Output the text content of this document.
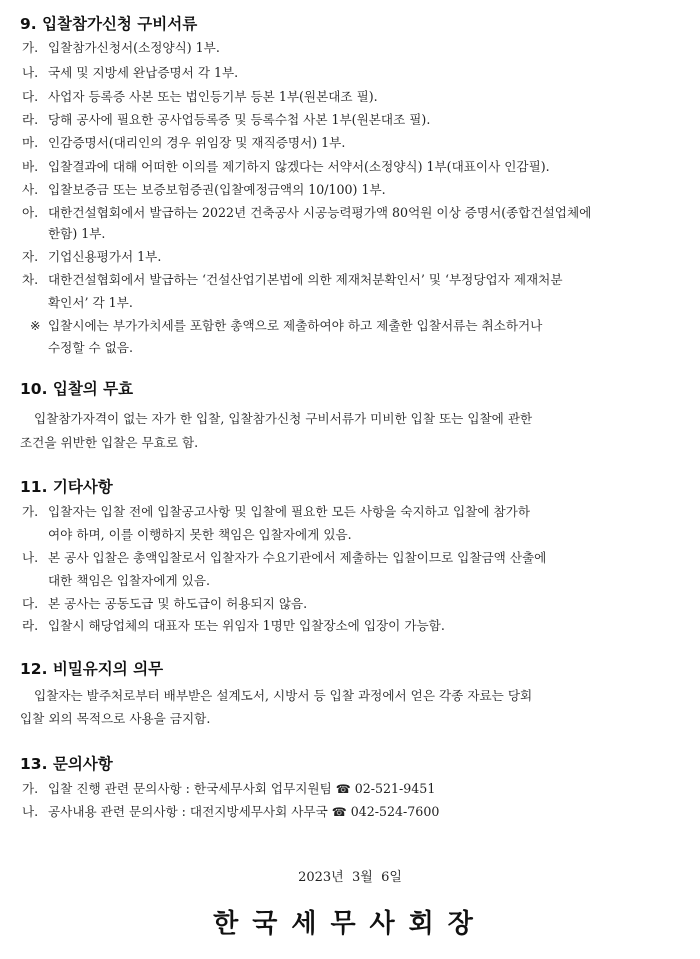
9. 입찰참가신청 구비서류
가. 입찰참가신청서(소정양식) 1부.
나. 국세 및 지방세 완납증명서 각 1부.
다. 사업자 등록증 사본 또는 법인등기부 등본 1부(원본대조 필).
라. 당해 공사에 필요한 공사업등록증 및 등록수첩 사본 1부(원본대조 필).
마. 인감증명서(대리인의 경우 위임장 및 재직증명서) 1부.
바. 입찰결과에 대해 어떠한 이의를 제기하지 않겠다는 서약서(소정양식) 1부(대표이사 인감필).
사. 입찰보증금 또는 보증보험증권(입찰예정금액의 10/100) 1부.
아. 대한건설협회에서 발급하는 2022년 건축공사 시공능력평가액 80억원 이상 증명서(종합건설업체에
한함) 1부.
자. 기업신용평가서 1부.
차. 대한건설협회에서 발급하는 ‘건설산업기본법에 의한 제재처분확인서’ 및 ‘부정당업자 제재처분
확인서’ 각 1부.
※ 입찰시에는 부가가치세를 포함한 총액으로 제출하여야 하고 제출한 입찰서류는 취소하거나
수정할 수 없음.
10. 입찰의 무효
입찰참가자격이 없는 자가 한 입찰, 입찰참가신청 구비서류가 미비한 입찰 또는 입찰에 관한
조건을 위반한 입찰은 무효로 함.
11. 기타사항
가. 입찰자는 입찰 전에 입찰공고사항 및 입찰에 필요한 모든 사항을 숙지하고 입찰에 참가하
여야 하며, 이를 이행하지 못한 책임은 입찰자에게 있음.
나. 본 공사 입찰은 총액입찰로서 입찰자가 수요기관에서 제출하는 입찰이므로 입찰금액 산출에
대한 책임은 입찰자에게 있음.
다. 본 공사는 공동도급 및 하도급이 허용되지 않음.
라. 입찰시 해당업체의 대표자 또는 위임자 1명만 입찰장소에 입장이 가능함.
12. 비밀유지의 의무
입찰자는 발주처로부터 배부받은 설계도서, 시방서 등 입찰 과정에서 얻은 각종 자료는 당회
입찰 외의 목적으로 사용을 금지함.
13. 문의사항
가. 입찰 진행 관련 문의사항 : 한국세무사회 업무지원팀 ☎ 02-521-9451
나. 공사내용 관련 문의사항 : 대전지방세무사회 사무국 ☎ 042-524-7600
2023년  3월  6일
한국세무사회장
